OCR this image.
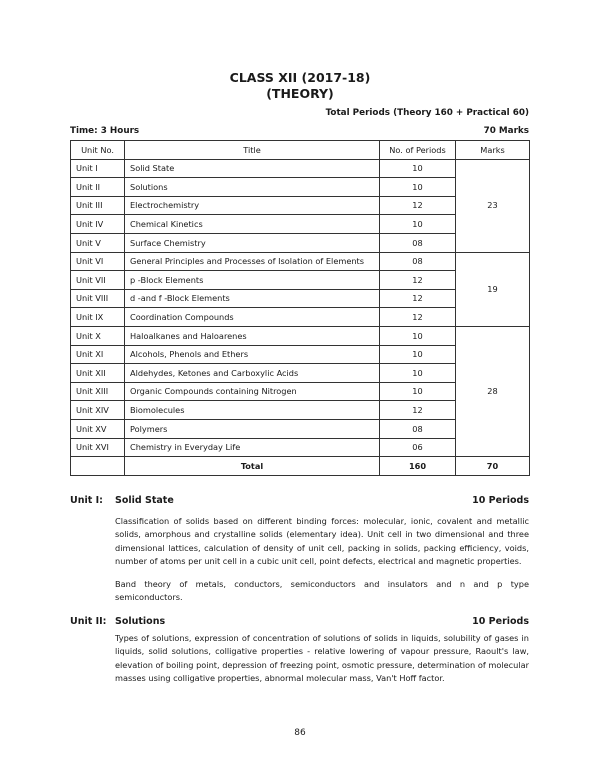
CLASS XII (2017-18)
(THEORY)
Total Periods (Theory 160 + Practical 60)
Time: 3 Hours	70 Marks
Unit No.	Title	No. of Periods	Marks
Unit I	Solid State	10	23
Unit II	Solutions	10	
Unit III	Electrochemistry	12	
Unit IV	Chemical Kinetics	10	
Unit V	Surface Chemistry	08	
Unit VI	General Principles and Processes of Isolation of Elements	08	19
Unit VII	p -Block Elements	12	
Unit VIII	d -and f -Block Elements	12	
Unit IX	Coordination Compounds	12	
Unit X	Haloalkanes and Haloarenes	10	28
Unit XI	Alcohols, Phenols and Ethers	10	
Unit XII	Aldehydes, Ketones and Carboxylic Acids	10	
Unit XIII	Organic Compounds containing Nitrogen	10	
Unit XIV	Biomolecules	12	
Unit XV	Polymers	08	
Unit XVI	Chemistry in Everyday Life	06	
	Total	160	70
Unit I: Solid State	10 Periods

Classification of solids based on different binding forces: molecular, ionic, covalent and metallic solids, amorphous and crystalline solids (elementary idea). Unit cell in two dimensional and three dimensional lattices, calculation of density of unit cell, packing in solids, packing efficiency, voids, number of atoms per unit cell in a cubic unit cell, point defects, electrical and magnetic properties.

Band theory of metals, conductors, semiconductors and insulators and n and p type semiconductors.

Unit II: Solutions	10 Periods

Types of solutions, expression of concentration of solutions of solids in liquids, solubility of gases in liquids, solid solutions, colligative properties - relative lowering of vapour pressure, Raoult's law, elevation of boiling point, depression of freezing point, osmotic pressure, determination of molecular masses using colligative properties, abnormal molecular mass, Van't Hoff factor.

86
